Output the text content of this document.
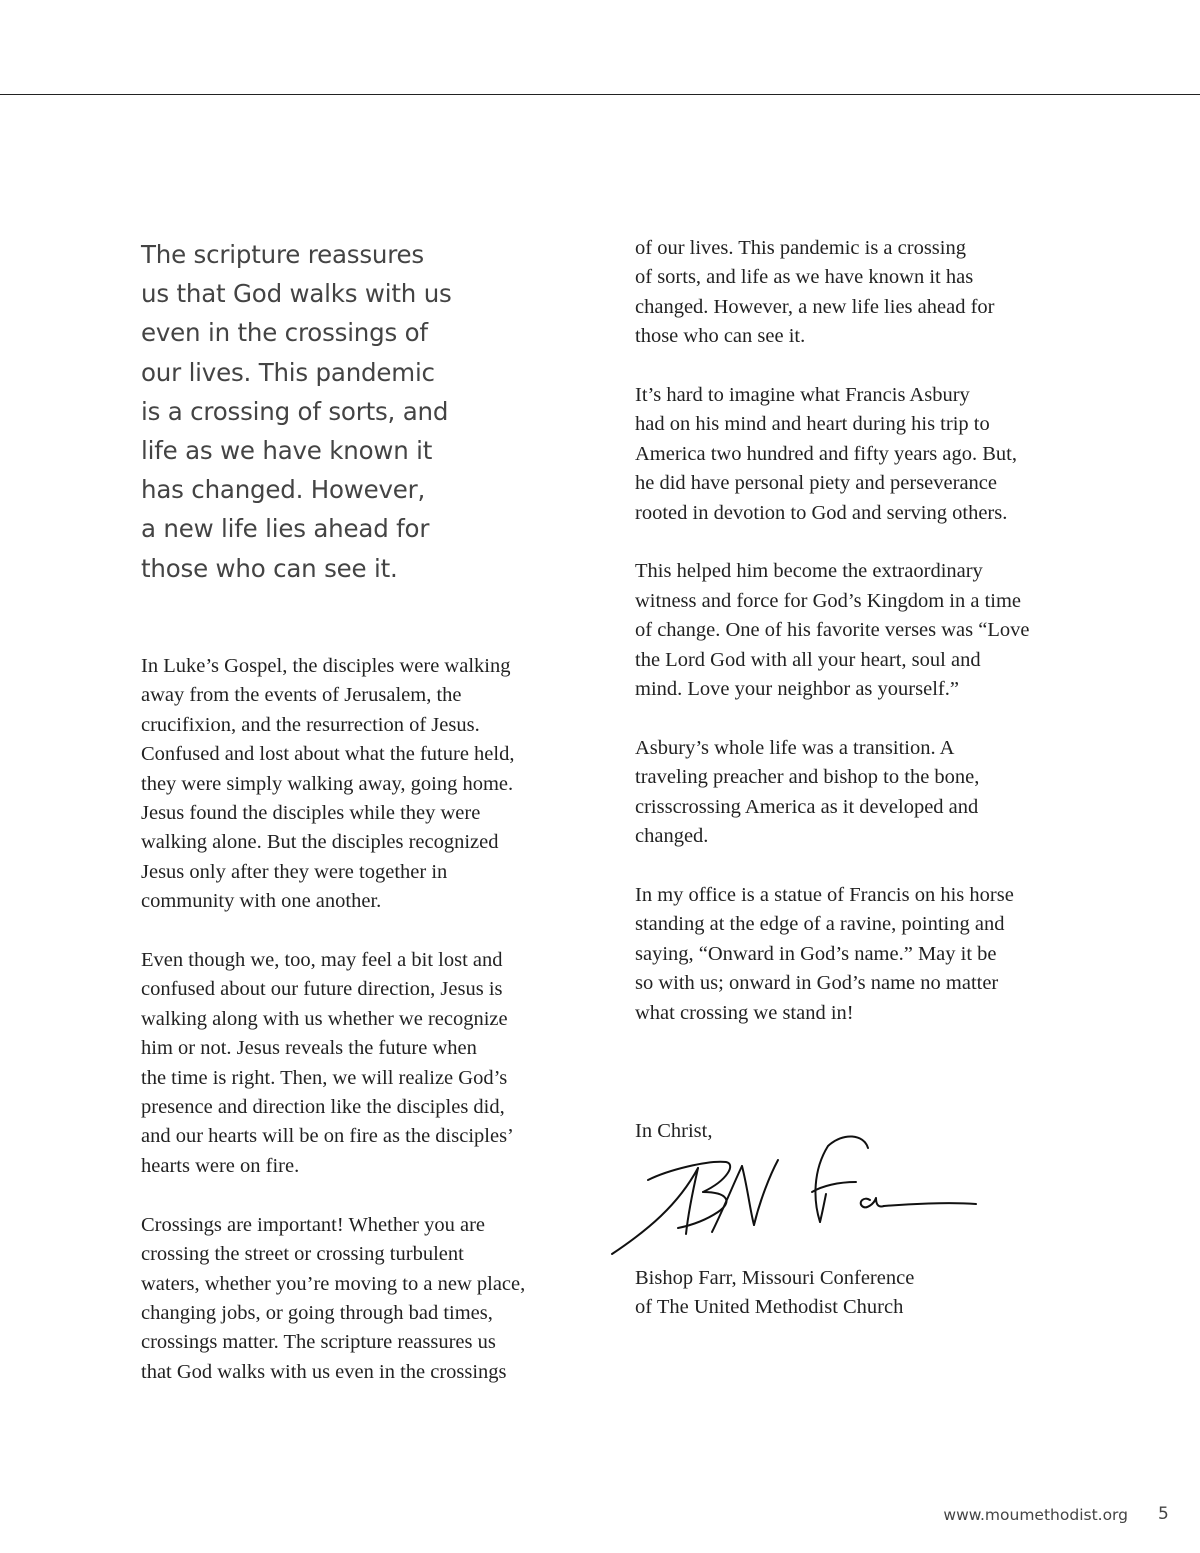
The scripture reassures
us that God walks with us
even in the crossings of
our lives. This pandemic
is a crossing of sorts, and
life as we have known it
has changed. However,
a new life lies ahead for
those who can see it.

In Luke’s Gospel, the disciples were walking
away from the events of Jerusalem, the
crucifixion, and the resurrection of Jesus.
Confused and lost about what the future held,
they were simply walking away, going home.
Jesus found the disciples while they were
walking alone. But the disciples recognized
Jesus only after they were together in
community with one another.

Even though we, too, may feel a bit lost and
confused about our future direction, Jesus is
walking along with us whether we recognize
him or not. Jesus reveals the future when
the time is right. Then, we will realize God’s
presence and direction like the disciples did,
and our hearts will be on fire as the disciples’
hearts were on fire.

Crossings are important! Whether you are
crossing the street or crossing turbulent
waters, whether you’re moving to a new place,
changing jobs, or going through bad times,
crossings matter. The scripture reassures us
that God walks with us even in the crossings

of our lives. This pandemic is a crossing
of sorts, and life as we have known it has
changed. However, a new life lies ahead for
those who can see it.

It’s hard to imagine what Francis Asbury
had on his mind and heart during his trip to
America two hundred and fifty years ago. But,
he did have personal piety and perseverance
rooted in devotion to God and serving others.

This helped him become the extraordinary
witness and force for God’s Kingdom in a time
of change. One of his favorite verses was “Love
the Lord God with all your heart, soul and
mind. Love your neighbor as yourself.”

Asbury’s whole life was a transition. A
traveling preacher and bishop to the bone,
crisscrossing America as it developed and
changed.

In my office is a statue of Francis on his horse
standing at the edge of a ravine, pointing and
saying, “Onward in God’s name.” May it be
so with us; onward in God’s name no matter
what crossing we stand in!

In Christ,
Bishop Farr, Missouri Conference
of The United Methodist Church
www.moumethodist.org 5
